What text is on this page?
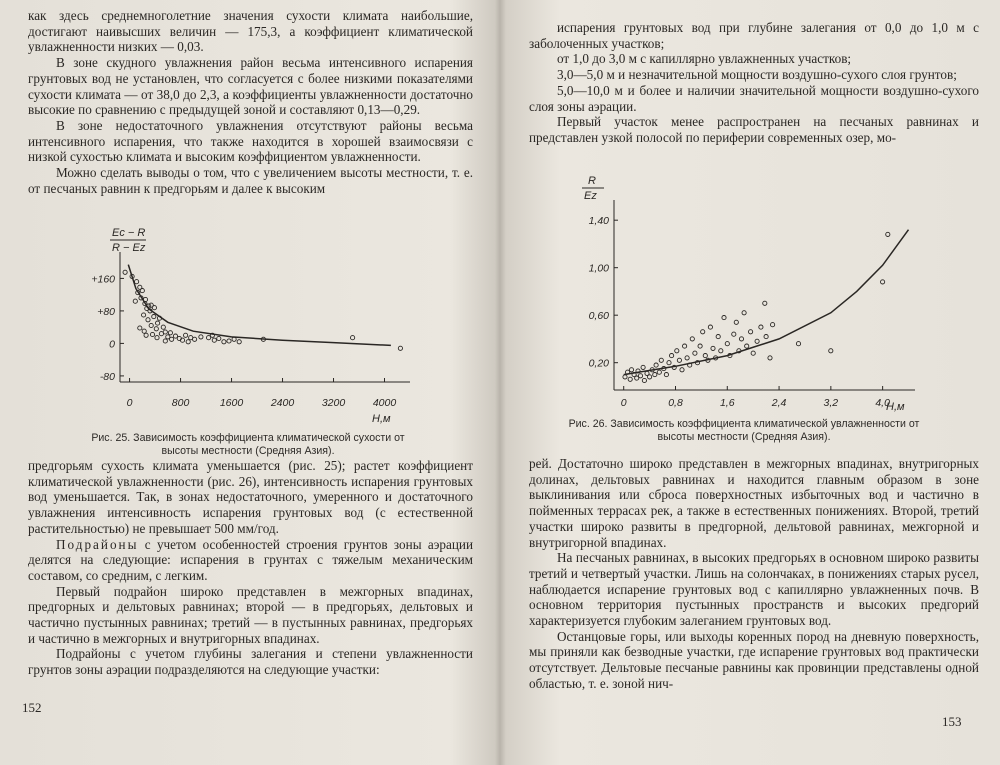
как здесь среднемноголетние значения сухости климата наибольшие, достигают наивысших величин — 175,3, а коэффициент климатической увлажненности низких — 0,03.

В зоне скудного увлажнения район весьма интенсивного испарения грунтовых вод не установлен, что согласуется с более низкими показателями сухости климата — от 38,0 до 2,3, а коэффициенты увлажненности достаточно высокие по сравнению с предыдущей зоной и составляют 0,13—0,29.

В зоне недостаточного увлажнения отсутствуют районы весьма интенсивного испарения, что также находится в хорошей взаимосвязи с низкой сухостью климата и высоким коэффициентом увлажненности.

Можно сделать выводы о том, что с увеличением высоты местности, т. е. от песчаных равнин к предгорьям и далее к высоким

Ес − R
R − Еz
+160
+80
0
-80
0	800	1600	2400	3200	4000
H,м
Рис. 25. Зависимость коэффициента климатической сухости от высоты местности (Средняя Азия).

предгорьям сухость климата уменьшается (рис. 25); растет коэффициент климатической увлажненности (рис. 26), интенсивность испарения грунтовых вод уменьшается. Так, в зонах недостаточного, умеренного и достаточного увлажнения интенсивность испарения грунтовых вод (с естественной растительностью) не превышает 500 мм/год.

Подрайоны с учетом особенностей строения грунтов зоны аэрации делятся на следующие: испарения в грунтах с тяжелым механическим составом, со средним, с легким.

Первый подрайон широко представлен в межгорных впадинах, предгорных и дельтовых равнинах; второй — в предгорьях, дельтовых и частично пустынных равнинах; третий — в пустынных равнинах, предгорьях и частично в межгорных и внутригорных впадинах.

Подрайоны с учетом глубины залегания и степени увлажненности грунтов зоны аэрации подразделяются на следующие участки:

152

испарения грунтовых вод при глубине залегания от 0,0 до 1,0 м с заболоченных участков;

от 1,0 до 3,0 м с капиллярно увлажненных участков;

3,0—5,0 м и незначительной мощности воздушно-сухого слоя грунтов;

5,0—10,0 м и более и наличии значительной мощности воздушно-сухого слоя зоны аэрации.

Первый участок менее распространен на песчаных равнинах и представлен узкой полосой по периферии современных озер, мо-

R
Еz
0,20
0,60
1,00
1,40
0	0,8	1,6	2,4	3,2	4,0
H,м
Рис. 26. Зависимость коэффициента климатической увлажненности от высоты местности (Средняя Азия).

рей. Достаточно широко представлен в межгорных впадинах, внутригорных долинах, дельтовых равнинах и находится главным образом в зоне выклинивания или сброса поверхностных избыточных вод и частично в пойменных террасах рек, а также в естественных понижениях. Второй, третий участки широко развиты в предгорной, дельтовой равнинах, межгорной и внутригорной впадинах.

На песчаных равнинах, в высоких предгорьях в основном широко развиты третий и четвертый участки. Лишь на солончаках, в понижениях старых русел, наблюдается испарение грунтовых вод с капиллярно увлажненных почв. В основном территория пустынных пространств и высоких предгорий характеризуется глубоким залеганием грунтовых вод.

Останцовые горы, или выходы коренных пород на дневную поверхность, мы приняли как безводные участки, где испарение грунтовых вод практически отсутствует. Дельтовые песчаные равнины как провинции представлены одной областью, т. е. зоной нич-

153
